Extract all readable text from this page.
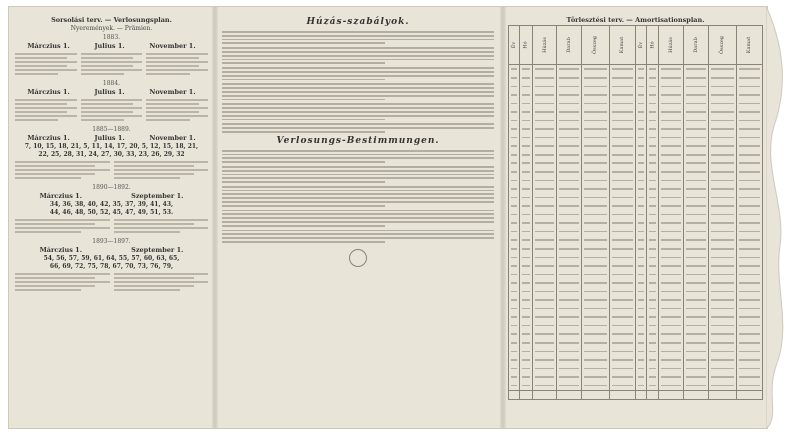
Sorsolási terv. — Verlosungsplan.
Nyeremények. — Prämien.
1883.
Márczius 1.	Julius 1.	November 1.
1884.
Márczius 1.	Julius 1.	November 1.
1885—1889.
Márczius 1.	Julius 1.	November 1.
7, 10, 15, 18, 21, 5, 11, 14, 17, 20, 5, 12, 15, 18, 21,
22, 25, 28, 31, 24, 27, 30, 33, 23, 26, 29, 32
1890—1892.
Márczius 1.	Szeptember 1.
34, 36, 38, 40, 42, 35, 37, 39, 41, 43,
44, 46, 48, 50, 52, 45, 47, 49, 51, 53.
1893—1897.
Márczius 1.	Szeptember 1.
54, 56, 57, 59, 61, 64, 55, 57, 60, 63, 65,
66, 69, 72, 75, 78, 67, 70, 73, 76, 79,
Húzás-szabályok.
Verlosungs-Bestimmungen.
Törlesztési terv. — Amortisationsplan.
Év	Hó	Húzás	Darab	Összeg	Kamat	Év	Hó	Húzás	Darab	Összeg	Kamat
